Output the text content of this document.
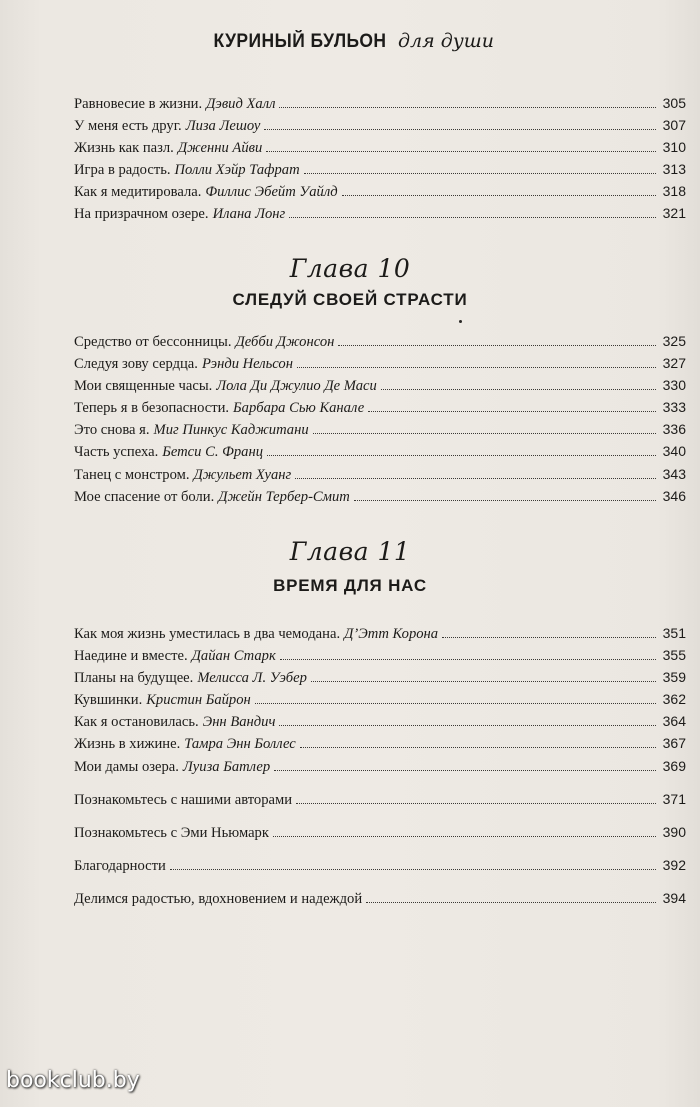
КУРИНЫЙ БУЛЬОН для души
Равновесие в жизни. Дэвид Халл	305
У меня есть друг. Лиза Лешоу	307
Жизнь как пазл. Дженни Айви	310
Игра в радость. Полли Хэйр Тафрат	313
Как я медитировала. Филлис Эбейт Уайлд	318
На призрачном озере. Илана Лонг	321
Глава 10
СЛЕДУЙ СВОЕЙ СТРАСТИ
Средство от бессонницы. Дебби Джонсон	325
Следуя зову сердца. Рэнди Нельсон	327
Мои священные часы. Лола Ди Джулио Де Маси	330
Теперь я в безопасности. Барбара Сью Канале	333
Это снова я. Миг Пинкус Каджитани	336
Часть успеха. Бетси С. Франц	340
Танец с монстром. Джульет Хуанг	343
Мое спасение от боли. Джейн Тербер-Смит	346
Глава 11
ВРЕМЯ ДЛЯ НАС
Как моя жизнь уместилась в два чемодана. Д’Этт Корона	351
Наедине и вместе. Дайан Старк	355
Планы на будущее. Мелисса Л. Уэбер	359
Кувшинки. Кристин Байрон	362
Как я остановилась. Энн Вандич	364
Жизнь в хижине. Тамра Энн Боллес	367
Мои дамы озера. Луиза Батлер	369
Познакомьтесь с нашими авторами	371
Познакомьтесь с Эми Ньюмарк	390
Благодарности	392
Делимся радостью, вдохновением и надеждой	394
bookclub.by
